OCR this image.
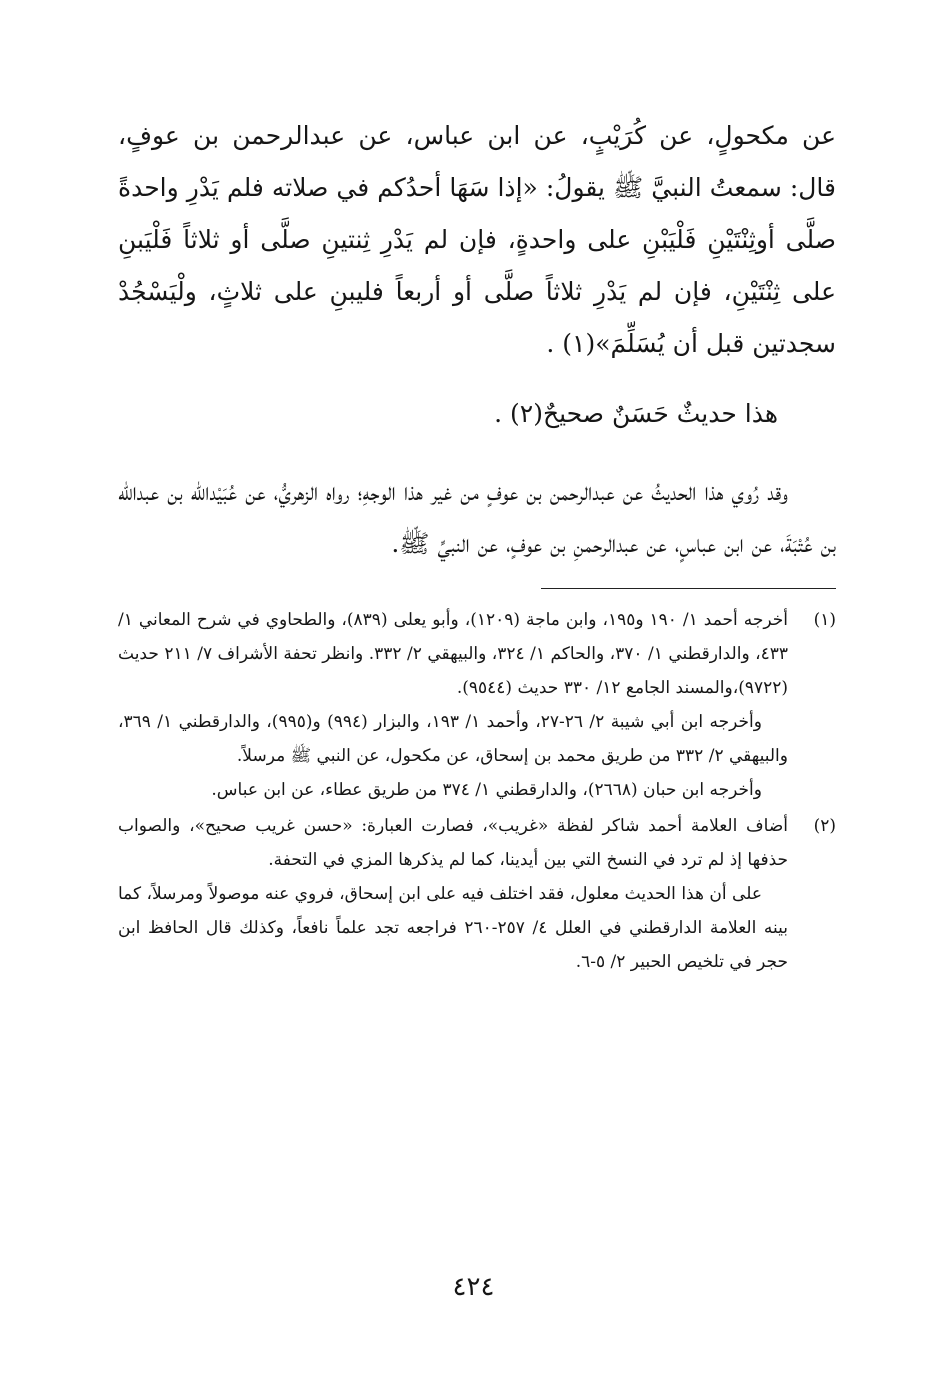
عن مكحولٍ، عن كُرَيْبٍ، عن ابن عباس، عن عبدالرحمن بن عوفٍ، قال: سمعتُ النبيَّ ﷺ يقولُ: «إذا سَهَا أحدُكم في صلاته فلم يَدْرِ واحدةً صلَّى أوثِنْتَيْنِ فَلْيَبْنِ على واحدةٍ، فإن لم يَدْرِ ثِنتينِ صلَّى أو ثلاثاً فَلْيَبنِ على ثِنْتَيْنِ، فإن لم يَدْرِ ثلاثاً صلَّى أو أربعاً فليبنِ على ثلاثٍ، ولْيَسْجُدْ سجدتين قبل أن يُسَلِّمَ»(١) .

هذا حديثٌ حَسَنٌ صحيحٌ(٢) .

وقد رُوي هذا الحديثُ عن عبدالرحمن بن عوفٍ من غير هذا الوجهِ؛ رواه الزهريُّ، عن عُبَيْدالله بن عبدالله بن عُتْبَةَ، عن ابن عباسٍ، عن عبدالرحمنِ بن عوفٍ، عن النبيِّ ﷺ.

(١)

أخرجه أحمد ١/ ١٩٠ و١٩٥، وابن ماجة (١٢٠٩)، وأبو يعلى (٨٣٩)، والطحاوي في شرح المعاني ١/ ٤٣٣، والدارقطني ١/ ٣٧٠، والحاكم ١/ ٣٢٤، والبيهقي ٢/ ٣٣٢. وانظر تحفة الأشراف ٧/ ٢١١ حديث (٩٧٢٢)،والمسند الجامع ١٢/ ٣٣٠ حديث (٩٥٤٤).

وأخرجه ابن أبي شيبة ٢/ ٢٦-٢٧، وأحمد ١/ ١٩٣، والبزار (٩٩٤) و(٩٩٥)، والدارقطني ١/ ٣٦٩، والبيهقي ٢/ ٣٣٢ من طريق محمد بن إسحاق، عن مكحول، عن النبي ﷺ مرسلاً.

وأخرجه ابن حبان (٢٦٦٨)، والدارقطني ١/ ٣٧٤ من طريق عطاء، عن ابن عباس.

(٢)

أضاف العلامة أحمد شاكر لفظة «غريب»، فصارت العبارة: «حسن غريب صحيح»، والصواب حذفها إذ لم ترد في النسخ التي بين أيدينا، كما لم يذكرها المزي في التحفة.

على أن هذا الحديث معلول، فقد اختلف فيه على ابن إسحاق، فروي عنه موصولاً ومرسلاً، كما بينه العلامة الدارقطني في العلل ٤/ ٢٥٧-٢٦٠ فراجعه تجد علماً نافعاً، وكذلك قال الحافظ ابن حجر في تلخيص الحبير ٢/ ٥-٦.

٤٢٤
